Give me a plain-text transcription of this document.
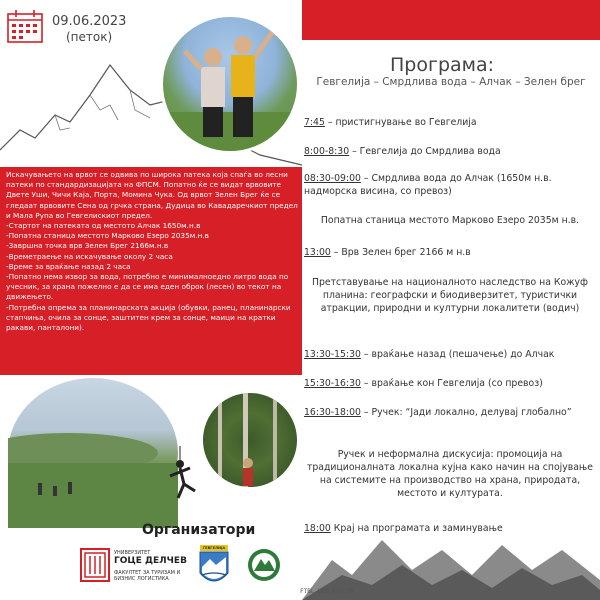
09.06.2023
(петок)
Програма:
Гевгелија – Смрдлива вода – Алчак – Зелен брег

Искачувањето на врвот се одвива по широка патека која спаѓа во лесни патеки по стандардизацијата на ФПСМ. Попатно ќе се видат врвовите Двете Уши, Чичи Каја, Порта, Момина Чука. Од врвот Зелен Брег ќе се гледаат врвовите Сена од грчка страна, Дудица во Кавадаречкиот предел и Мала Рупа во Гевгелискиот предел.

-Стартот на патеката од местото Алчак 1650м.н.в

-Попатна станица местото Марково Езеро 2035м.н.в

-Завршна точка врв Зелен Брег 2166м.н.в

-Времетраење на искачување околу 2 часа

-Време за враќање назад 2 часа

-Попатно нема извор за вода, потребно е минималноедно литро вода по учесник, за храна пожелно е да се има еден оброк (лесен) во текот на движењето.

-Потребна опрема за планинарската акција (обувки, ранец, планинарски стапчиња, очила за сонце, заштитен крем за сонце, маици на кратки ракави, панталони).

7:45 – пристигнување во Гевгелија
8:00-8:30 – Гевгелија до Смрдлива вода
08:30-09:00 – Смрдлива вода до Алчак (1650м н.в. надморска висина, со превоз)
Попатна станица местото Марково Езеро 2035м н.в.
13:00 – Врв Зелен брег 2166 м н.в
Претставување на националното наследство на Кожуф планина: географски и биодиверзитет, туристички атракции, природни и културни локалитети (водич)
13:30-15:30 – враќање назад (пешачење) до Алчак
15:30-16:30 – враќање кон Гевгелија (со превоз)
16:30-18:00 – Ручек: “Јади локално, делувај глобално”
Ручек и неформална дискусија: промоција на традиционалната локална кујна како начин на спојување на системите на производство на храна, природата, местото и културата.
18:00 Крај на програмата и заминување
Организатори
УНИВЕРЗИТЕТ
ГОЦЕ ДЕЛЧЕВ
ФАКУЛТЕТ ЗА ТУРИЗАМ И БИЗНИС ЛОГИСТИКА
ГЕВГЕЛИЈА
FTBL.UGD.EDU.MK
